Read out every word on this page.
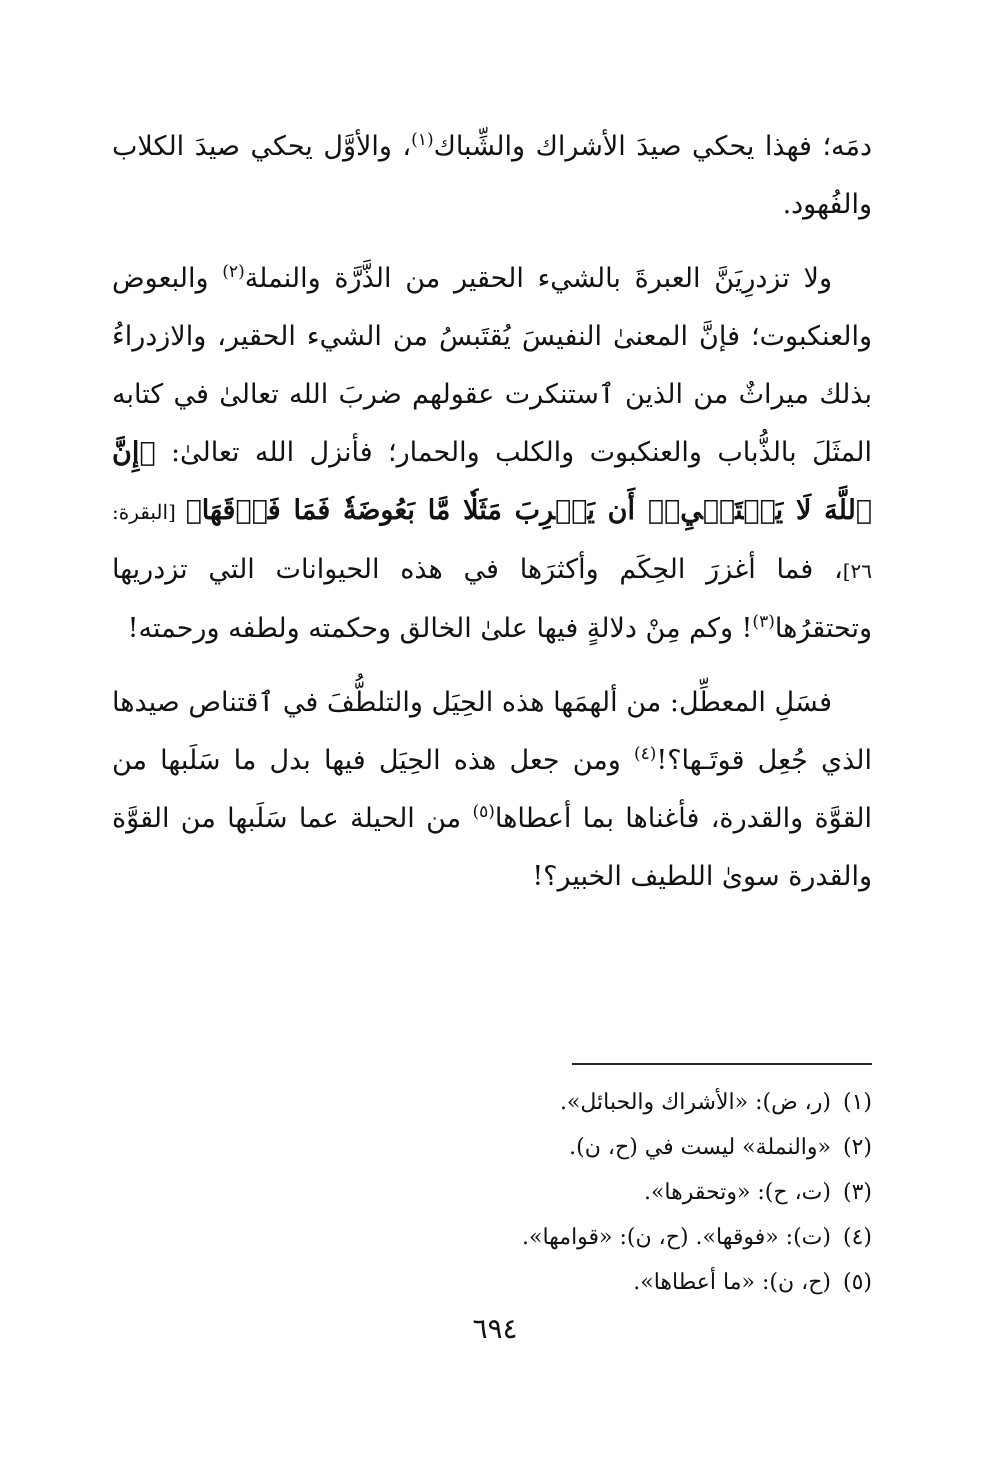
دمَه؛ فهذا يحكي صيدَ الأشراك والشِّباك$^{(١)}$، والأوَّل يحكي صيدَ الكلاب والفُهود.

ولا تزدرِيَنَّ العبرةَ بالشيء الحقير من الذَّرَّة والنملة$^{(٢)}$ والبعوض والعنكبوت؛ فإنَّ المعنىٰ النفيسَ يُقتَبسُ من الشيء الحقير، والازدراءُ بذلك ميراثٌ من الذين ٱستنكرت عقولهم ضربَ الله تعالىٰ في كتابه المثَلَ بالذُّباب والعنكبوت والكلب والحمار؛ فأنزل الله تعالىٰ: ﴿إِنَّ ٱللَّهَ لَا يَسۡتَحۡيِۦٓ أَن يَضۡرِبَ مَثَلٗا مَّا بَعُوضَةٗ فَمَا فَوۡقَهَا﴾ [البقرة: ٢٦]، فما أغزرَ الحِكَم وأكثرَها في هذه الحيوانات التي تزدريها وتحتقرُها$^{(٣)}$! وكم مِنْ دلالةٍ فيها علىٰ الخالق وحكمته ولطفه ورحمته!

فسَلِ المعطِّل: من ألهمَها هذه الحِيَل والتلطُّفَ في ٱقتناص صيدها الذي جُعِل قوتَـها؟!$^{(٤)}$ ومن جعل هذه الحِيَل فيها بدل ما سَلَبها من القوَّة والقدرة، فأغناها بما أعطاها$^{(٥)}$ من الحيلة عما سَلَبها من القوَّة والقدرة سوىٰ اللطيف الخبير؟!

(١)(ر، ض): «الأشراك والحبائل».
(٢)«والنملة» ليست في (ح، ن).
(٣)(ت، ح): «وتحقرها».
(٤)(ت): «فوقها». (ح، ن): «قوامها».
(٥)(ح، ن): «ما أعطاها».
٦٩٤
